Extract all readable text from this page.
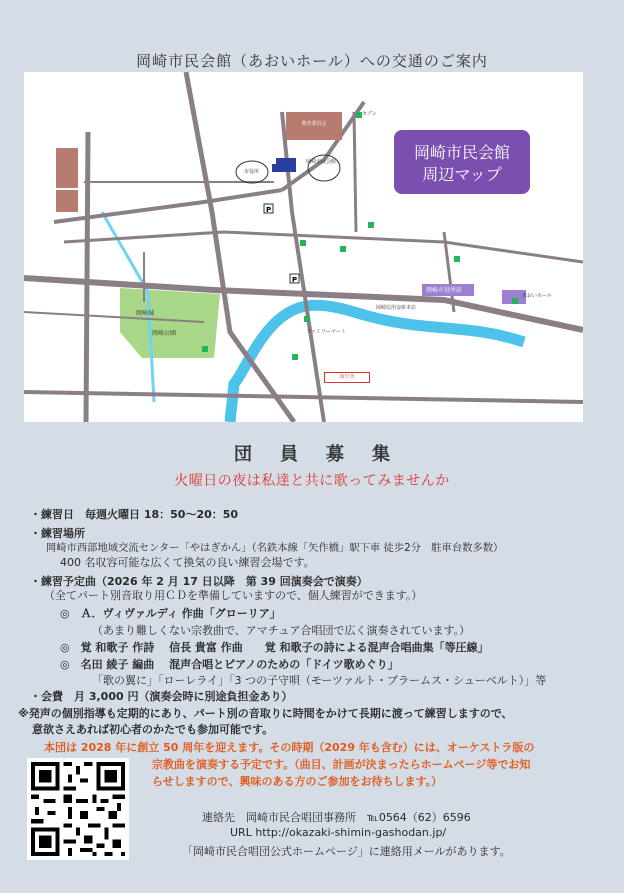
岡崎市民会館（あおいホール）への交通のご案内
P
P
岡崎市民会館
周辺マップ
教育委員会
岡崎城
岡崎公園
岡崎市役所前
あおいホール
岡崎信用金庫本店
岡崎市民会館
市役所
ファミリーマート
セブン
南庁舎
団員募集
火曜日の夜は私達と共に歌ってみませんか
・練習日　毎週火曜日 18：50〜20：50
・練習場所
岡崎市西部地域交流センター「やはぎかん」（名鉄本線「矢作橋」駅下車 徒歩2分　駐車台数多数）
400 名収容可能な広くて換気の良い練習会場です。
・練習予定曲（2026 年 2 月 17 日以降　第 39 回演奏会で演奏）
（全てパート別音取り用ＣＤを準備していますので、個人練習ができます。）
◎　Ａ．ヴィヴァルディ 作曲「グローリア」
（あまり難しくない宗教曲で、アマチュア合唱団で広く演奏されています。）
◎　覚 和歌子 作詩　 信長 貴富 作曲　　覚 和歌子の詩による混声合唱曲集「等圧線」
◎　名田 綾子 編曲　 混声合唱とピアノのための「ドイツ歌めぐり」
「歌の翼に」「ローレライ」「3 つの子守唄（モーツァルト・ブラームス・シューベルト）」等
・会費　月 3,000 円（演奏会時に別途負担金あり）
※発声の個別指導も定期的にあり、パート別の音取りに時間をかけて長期に渡って練習しますので、
意欲さえあれば初心者のかたでも参加可能です。
本団は 2028 年に創立 50 周年を迎えます。その時期（2029 年も含む）には、オーケストラ版の
宗教曲を演奏する予定です。（曲目、計画が決まったらホームページ等でお知
らせしますので、興味のある方のご参加をお待ちします。）
連絡先　岡崎市民合唱団事務所　℡0564（62）6596
URL http://okazaki-shimin-gashodan.jp/
「岡崎市民合唱団公式ホームページ」に連絡用メールがあります。
